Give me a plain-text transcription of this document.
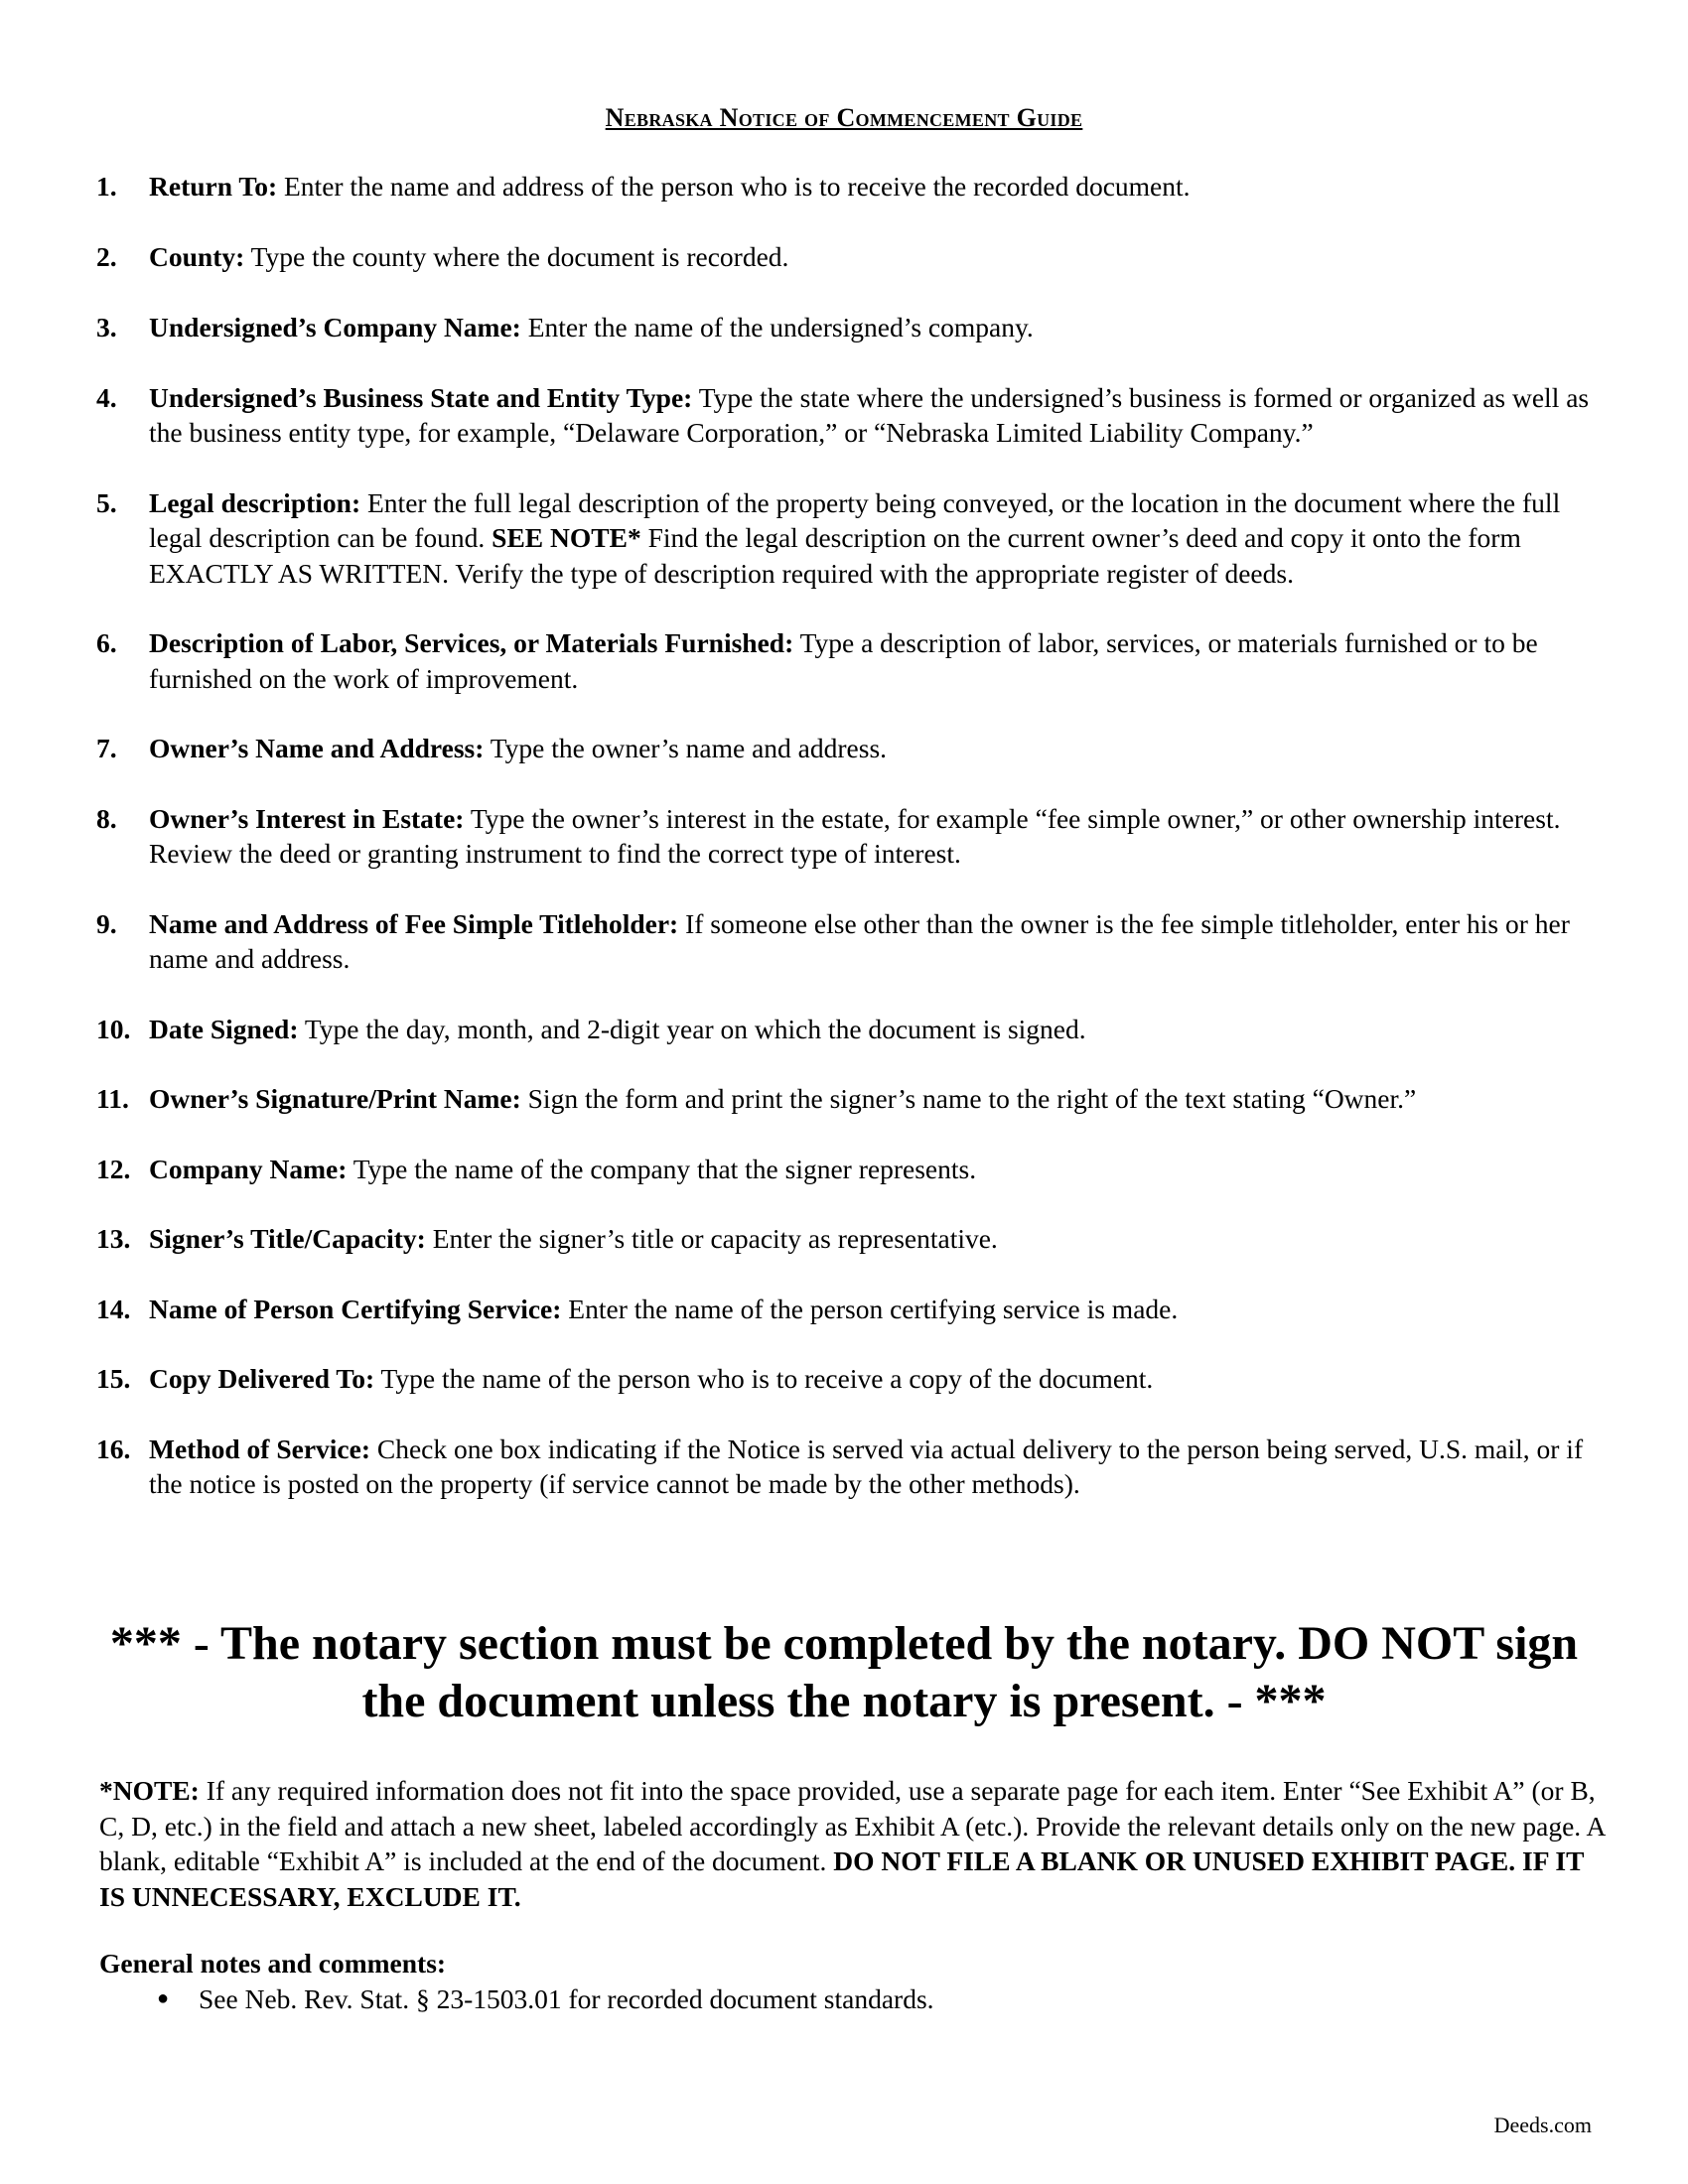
Nebraska Notice of Commencement Guide
1. Return To: Enter the name and address of the person who is to receive the recorded document.
2. County: Type the county where the document is recorded.
3. Undersigned’s Company Name: Enter the name of the undersigned’s company.
4. Undersigned’s Business State and Entity Type: Type the state where the undersigned’s business is formed or organized as well as the business entity type, for example, “Delaware Corporation,” or “Nebraska Limited Liability Company.”
5. Legal description: Enter the full legal description of the property being conveyed, or the location in the document where the full legal description can be found. SEE NOTE* Find the legal description on the current owner’s deed and copy it onto the form EXACTLY AS WRITTEN. Verify the type of description required with the appropriate register of deeds.
6. Description of Labor, Services, or Materials Furnished: Type a description of labor, services, or materials furnished or to be furnished on the work of improvement.
7. Owner’s Name and Address: Type the owner’s name and address.
8. Owner’s Interest in Estate: Type the owner’s interest in the estate, for example “fee simple owner,” or other ownership interest. Review the deed or granting instrument to find the correct type of interest.
9. Name and Address of Fee Simple Titleholder: If someone else other than the owner is the fee simple titleholder, enter his or her name and address.
10. Date Signed: Type the day, month, and 2-digit year on which the document is signed.
11. Owner’s Signature/Print Name: Sign the form and print the signer’s name to the right of the text stating “Owner.”
12. Company Name: Type the name of the company that the signer represents.
13. Signer’s Title/Capacity: Enter the signer’s title or capacity as representative.
14. Name of Person Certifying Service: Enter the name of the person certifying service is made.
15. Copy Delivered To: Type the name of the person who is to receive a copy of the document.
16. Method of Service: Check one box indicating if the Notice is served via actual delivery to the person being served, U.S. mail, or if the notice is posted on the property (if service cannot be made by the other methods).
*** - The notary section must be completed by the notary. DO NOT sign the document unless the notary is present. - ***
*NOTE: If any required information does not fit into the space provided, use a separate page for each item. Enter “See Exhibit A” (or B, C, D, etc.) in the field and attach a new sheet, labeled accordingly as Exhibit A (etc.). Provide the relevant details only on the new page. A blank, editable “Exhibit A” is included at the end of the document. DO NOT FILE A BLANK OR UNUSED EXHIBIT PAGE. IF IT IS UNNECESSARY, EXCLUDE IT.
General notes and comments:
● See Neb. Rev. Stat. § 23-1503.01 for recorded document standards.
Deeds.com
